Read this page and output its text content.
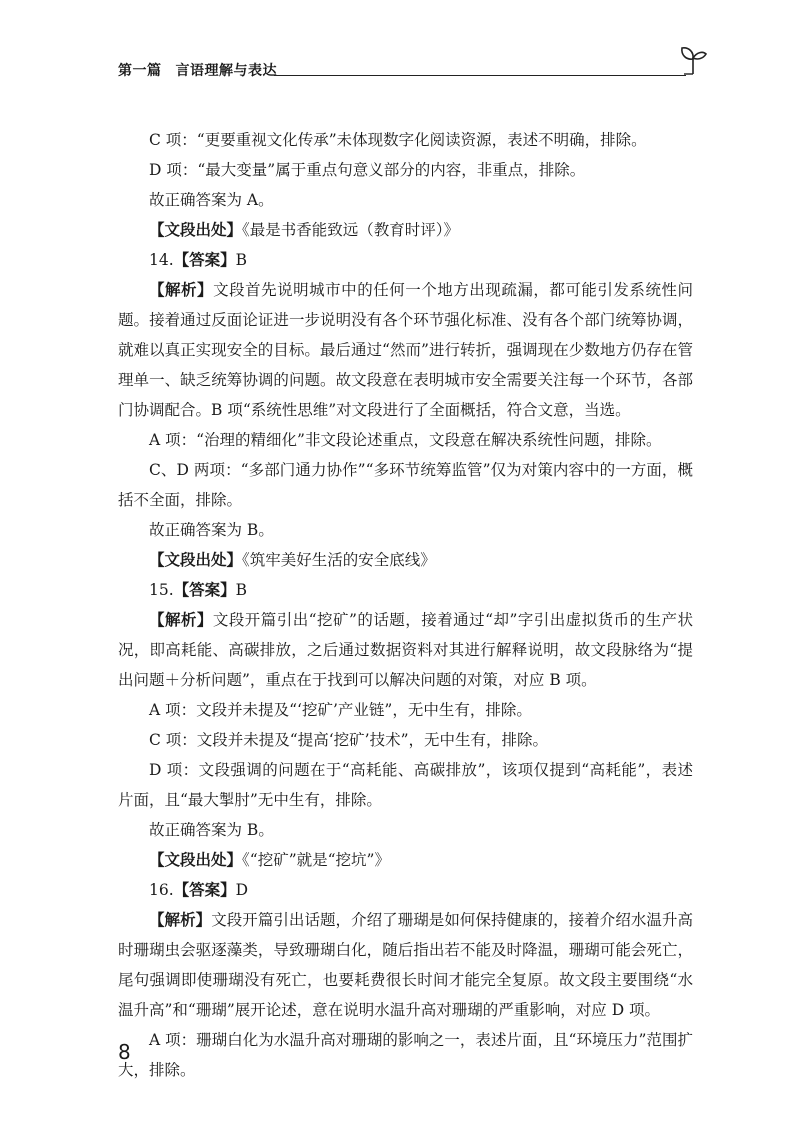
第一篇 言语理解与表达

C 项：“更要重视文化传承”未体现数字化阅读资源，表述不明确，排除。

D 项：“最大变量”属于重点句意义部分的内容，非重点，排除。

故正确答案为 A。

【文段出处】《最是书香能致远（教育时评）》

14.【答案】B

【解析】文段首先说明城市中的任何一个地方出现疏漏，都可能引发系统性问题。接着通过反面论证进一步说明没有各个环节强化标准、没有各个部门统筹协调，就难以真正实现安全的目标。最后通过“然而”进行转折，强调现在少数地方仍存在管理单一、缺乏统筹协调的问题。故文段意在表明城市安全需要关注每一个环节，各部门协调配合。B 项“系统性思维”对文段进行了全面概括，符合文意，当选。

A 项：“治理的精细化”非文段论述重点，文段意在解决系统性问题，排除。

C、D 两项：“多部门通力协作”“多环节统筹监管”仅为对策内容中的一方面，概括不全面，排除。

故正确答案为 B。

【文段出处】《筑牢美好生活的安全底线》

15.【答案】B

【解析】文段开篇引出“挖矿”的话题，接着通过“却”字引出虚拟货币的生产状况，即高耗能、高碳排放，之后通过数据资料对其进行解释说明，故文段脉络为“提出问题＋分析问题”，重点在于找到可以解决问题的对策，对应 B 项。

A 项：文段并未提及“‘挖矿’产业链”，无中生有，排除。

C 项：文段并未提及“提高‘挖矿’技术”，无中生有，排除。

D 项：文段强调的问题在于“高耗能、高碳排放”，该项仅提到“高耗能”，表述片面，且“最大掣肘”无中生有，排除。

故正确答案为 B。

【文段出处】《“挖矿”就是“挖坑”》

16.【答案】D

【解析】文段开篇引出话题，介绍了珊瑚是如何保持健康的，接着介绍水温升高时珊瑚虫会驱逐藻类，导致珊瑚白化，随后指出若不能及时降温，珊瑚可能会死亡，尾句强调即使珊瑚没有死亡，也要耗费很长时间才能完全复原。故文段主要围绕“水温升高”和“珊瑚”展开论述，意在说明水温升高对珊瑚的严重影响，对应 D 项。

A 项：珊瑚白化为水温升高对珊瑚的影响之一，表述片面，且“环境压力”范围扩大，排除。

8
